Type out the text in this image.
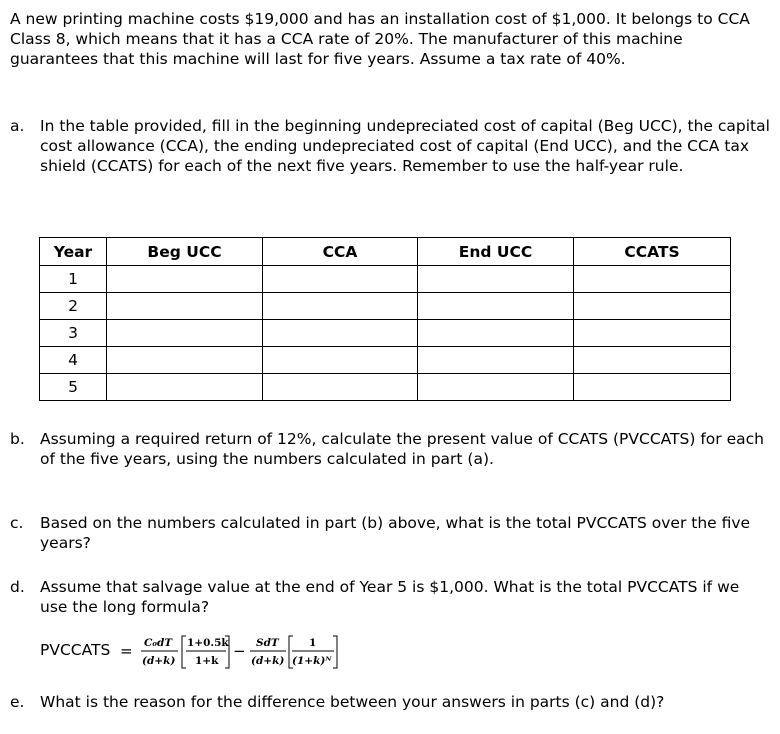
A new printing machine costs $19,000 and has an installation cost of $1,000. It belongs to CCA Class 8, which means that it has a CCA rate of 20%. The manufacturer of this machine guarantees that this machine will last for five years. Assume a tax rate of 40%.
a. In the table provided, fill in the beginning undepreciated cost of capital (Beg UCC), the capital cost allowance (CCA), the ending undepreciated cost of capital (End UCC), and the CCA tax shield (CCATS) for each of the next five years. Remember to use the half-year rule.
Year	Beg UCC	CCA	End UCC	CCATS
1				
2				
3				
4				
5				
b. Assuming a required return of 12%, calculate the present value of CCATS (PVCCATS) for each of the five years, using the numbers calculated in part (a).
c. Based on the numbers calculated in part (b) above, what is the total PVCCATS over the five years?
d. Assume that salvage value at the end of Year 5 is $1,000. What is the total PVCCATS if we use the long formula?
PVCCATS = C₀dT
(d+k)
1+0.5k
1+k
− SdT
(d+k)
1
(1+k)ᴺ
e. What is the reason for the difference between your answers in parts (c) and (d)?
